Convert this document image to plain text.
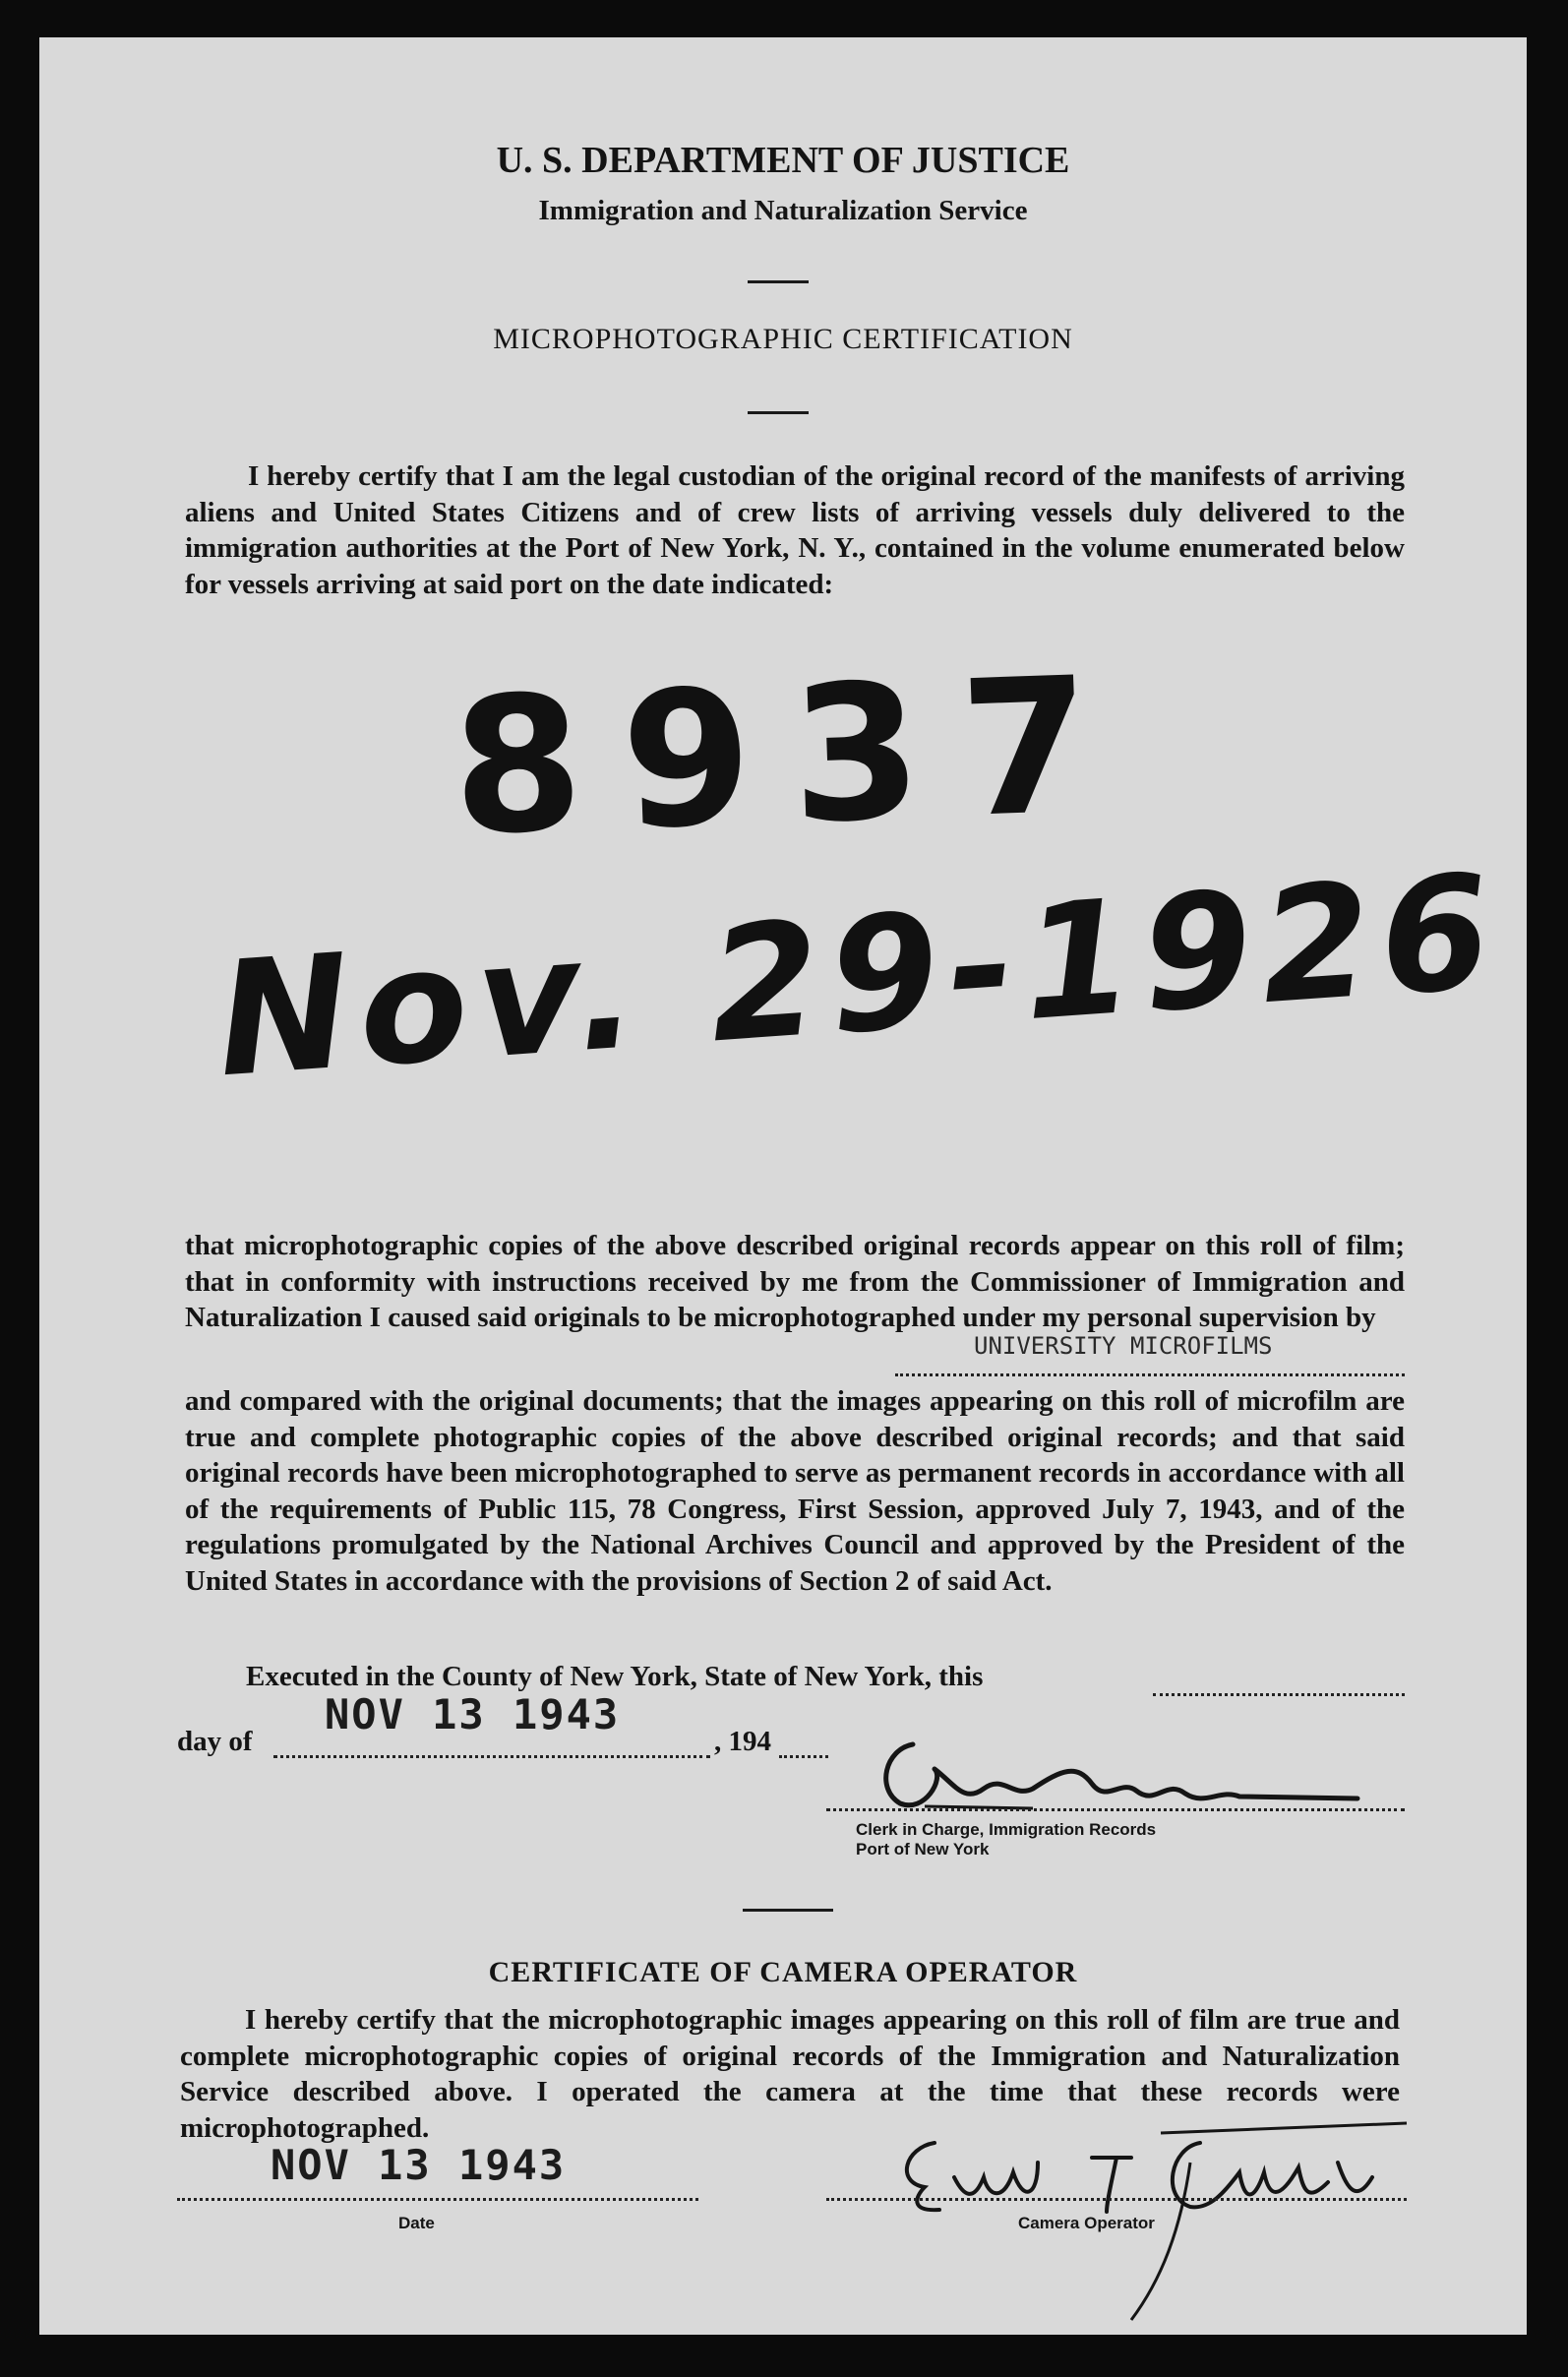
U. S. DEPARTMENT OF JUSTICE
Immigration and Naturalization Service
MICROPHOTOGRAPHIC CERTIFICATION
I hereby certify that I am the legal custodian of the original record of the manifests of arriving aliens and United States Citizens and of crew lists of arriving vessels duly delivered to the immigration authorities at the Port of New York, N. Y., contained in the volume enumerated below for vessels arriving at said port on the date indicated:
8937
Nov. 29-1926
that microphotographic copies of the above described original records appear on this roll of film; that in conformity with instructions received by me from the Commissioner of Immigration and Naturalization I caused said originals to be microphotographed under my personal supervision by
UNIVERSITY MICROFILMS
and compared with the original documents; that the images appearing on this roll of microfilm are true and complete photographic copies of the above described original records; and that said original records have been microphotographed to serve as permanent records in accordance with all of the requirements of Public 115, 78 Congress, First Session, approved July 7, 1943, and of the regulations promulgated by the National Archives Council and approved by the President of the United States in accordance with the provisions of Section 2 of said Act.
Executed in the County of New York, State of New York, this
NOV 13 1943
day of	, 194
Clerk in Charge, Immigration Records
Port of New York
CERTIFICATE OF CAMERA OPERATOR
I hereby certify that the microphotographic images appearing on this roll of film are true and complete microphotographic copies of original records of the Immigration and Naturalization Service described above. I operated the camera at the time that these records were microphotographed.
NOV 13 1943
Date	Camera Operator
